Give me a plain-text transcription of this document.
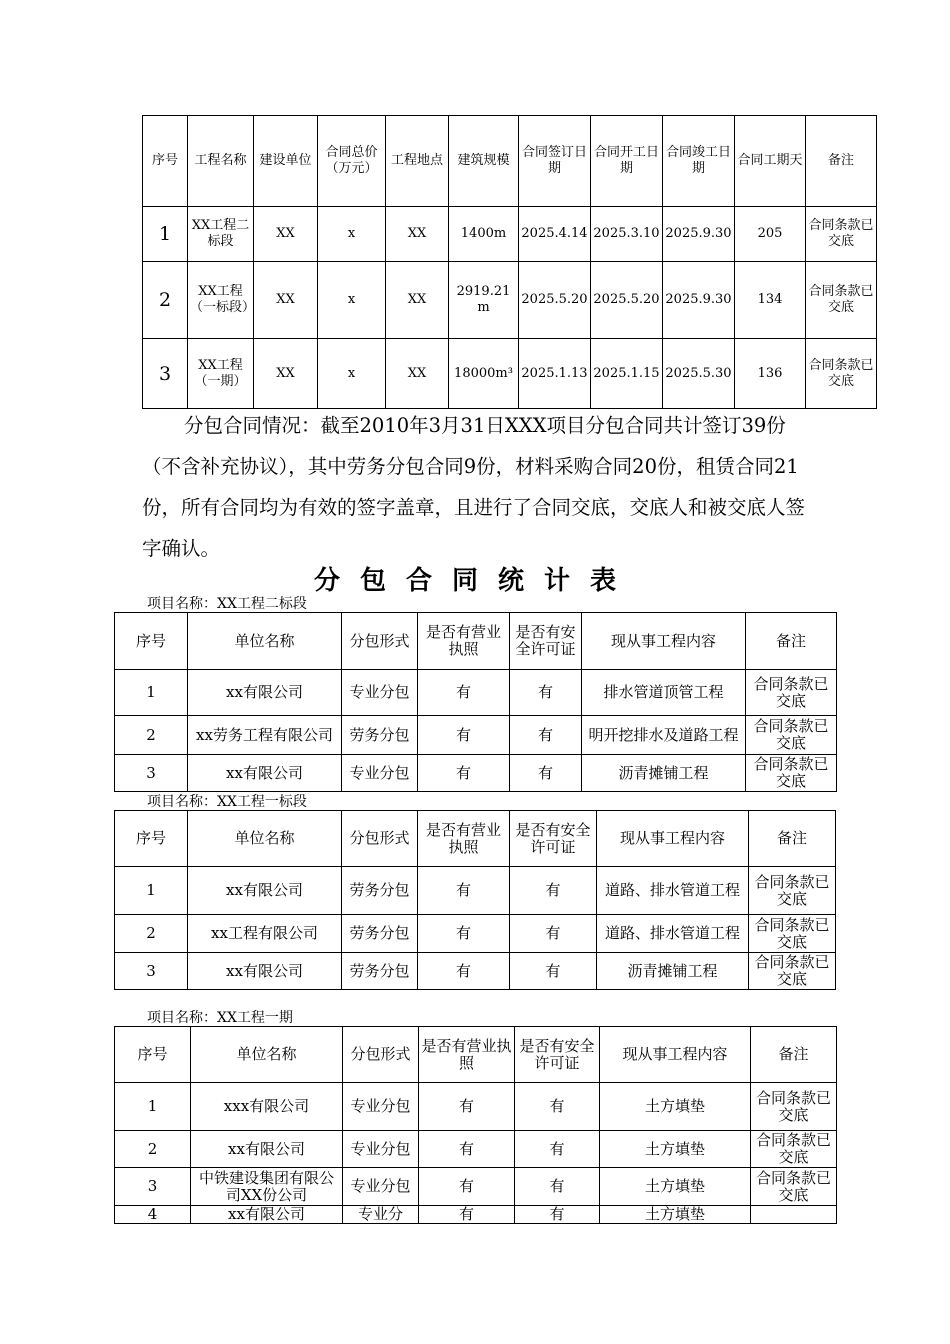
序号	工程名称	建设单位	合同总价（万元）	工程地点	建筑规模	合同签订日期	合同开工日期	合同竣工日期	合同工期天	备注
1	XX工程二标段	XX	x	XX	1400m	2025.4.14	2025.3.10	2025.9.30	205	合同条款已交底
2	XX工程（一标段）	XX	x	XX	2919.21m	2025.5.20	2025.5.20	2025.9.30	134	合同条款已交底
3	XX工程（一期）	XX	x	XX	18000m³	2025.1.13	2025.1.15	2025.5.30	136	合同条款已交底

分包合同情况：截至2010年3月31日XXX项目分包合同共计签订39份（不含补充协议），其中劳务分包合同9份，材料采购合同20份，租赁合同21份，所有合同均为有效的签字盖章，且进行了合同交底，交底人和被交底人签字确认。

分包合同统计表
项目名称：XX工程二标段
序号	单位名称	分包形式	是否有营业执照	是否有安全许可证	现从事工程内容	备注
1	xx有限公司	专业分包	有	有	排水管道顶管工程	合同条款已交底
2	xx劳务工程有限公司	劳务分包	有	有	明开挖排水及道路工程	合同条款已交底
3	xx有限公司	专业分包	有	有	沥青摊铺工程	合同条款已交底
项目名称：XX工程一标段
序号	单位名称	分包形式	是否有营业执照	是否有安全许可证	现从事工程内容	备注
1	xx有限公司	劳务分包	有	有	道路、排水管道工程	合同条款已交底
2	xx工程有限公司	劳务分包	有	有	道路、排水管道工程	合同条款已交底
3	xx有限公司	劳务分包	有	有	沥青摊铺工程	合同条款已交底
项目名称：XX工程一期
序号	单位名称	分包形式	是否有营业执照	是否有安全许可证	现从事工程内容	备注
1	xxx有限公司	专业分包	有	有	土方填垫	合同条款已交底
2	xx有限公司	专业分包	有	有	土方填垫	合同条款已交底
3	中铁建设集团有限公司XX份公司	专业分包	有	有	土方填垫	合同条款已交底
4	xx有限公司	专业分	有	有	土方填垫	
